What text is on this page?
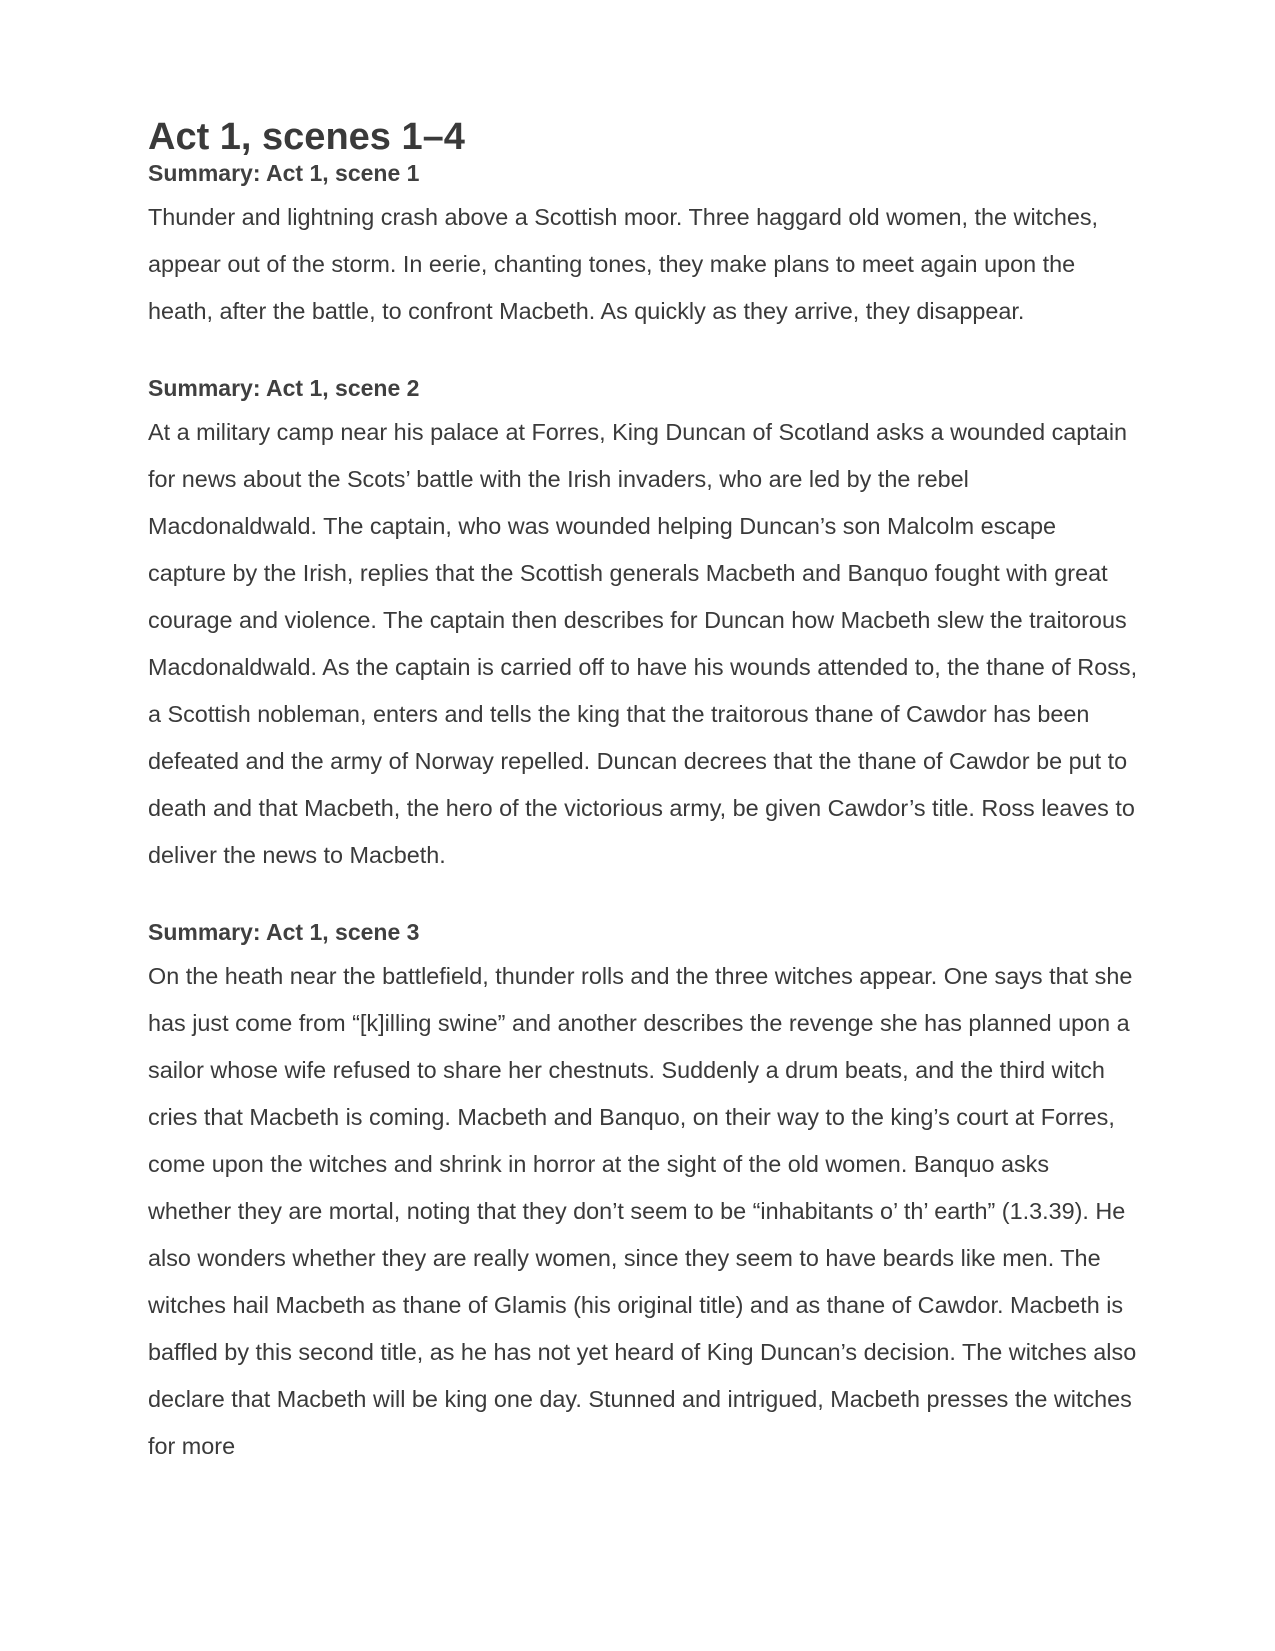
Act 1, scenes 1–4
Summary: Act 1, scene 1

Thunder and lightning crash above a Scottish moor. Three haggard old women, the witches, appear out of the storm. In eerie, chanting tones, they make plans to meet again upon the heath, after the battle, to confront Macbeth. As quickly as they arrive, they disappear.

Summary: Act 1, scene 2

At a military camp near his palace at Forres, King Duncan of Scotland asks a wounded captain for news about the Scots’ battle with the Irish invaders, who are led by the rebel Macdonaldwald. The captain, who was wounded helping Duncan’s son Malcolm escape capture by the Irish, replies that the Scottish generals Macbeth and Banquo fought with great courage and violence. The captain then describes for Duncan how Macbeth slew the traitorous Macdonaldwald. As the captain is carried off to have his wounds attended to, the thane of Ross, a Scottish nobleman, enters and tells the king that the traitorous thane of Cawdor has been defeated and the army of Norway repelled. Duncan decrees that the thane of Cawdor be put to death and that Macbeth, the hero of the victorious army, be given Cawdor’s title. Ross leaves to deliver the news to Macbeth.

Summary: Act 1, scene 3

On the heath near the battlefield, thunder rolls and the three witches appear. One says that she has just come from “[k]illing swine” and another describes the revenge she has planned upon a sailor whose wife refused to share her chestnuts. Suddenly a drum beats, and the third witch cries that Macbeth is coming. Macbeth and Banquo, on their way to the king’s court at Forres, come upon the witches and shrink in horror at the sight of the old women. Banquo asks whether they are mortal, noting that they don’t seem to be “inhabitants o’ th’ earth” (1.3.39). He also wonders whether they are really women, since they seem to have beards like men. The witches hail Macbeth as thane of Glamis (his original title) and as thane of Cawdor. Macbeth is baffled by this second title, as he has not yet heard of King Duncan’s decision. The witches also declare that Macbeth will be king one day. Stunned and intrigued, Macbeth presses the witches for more
